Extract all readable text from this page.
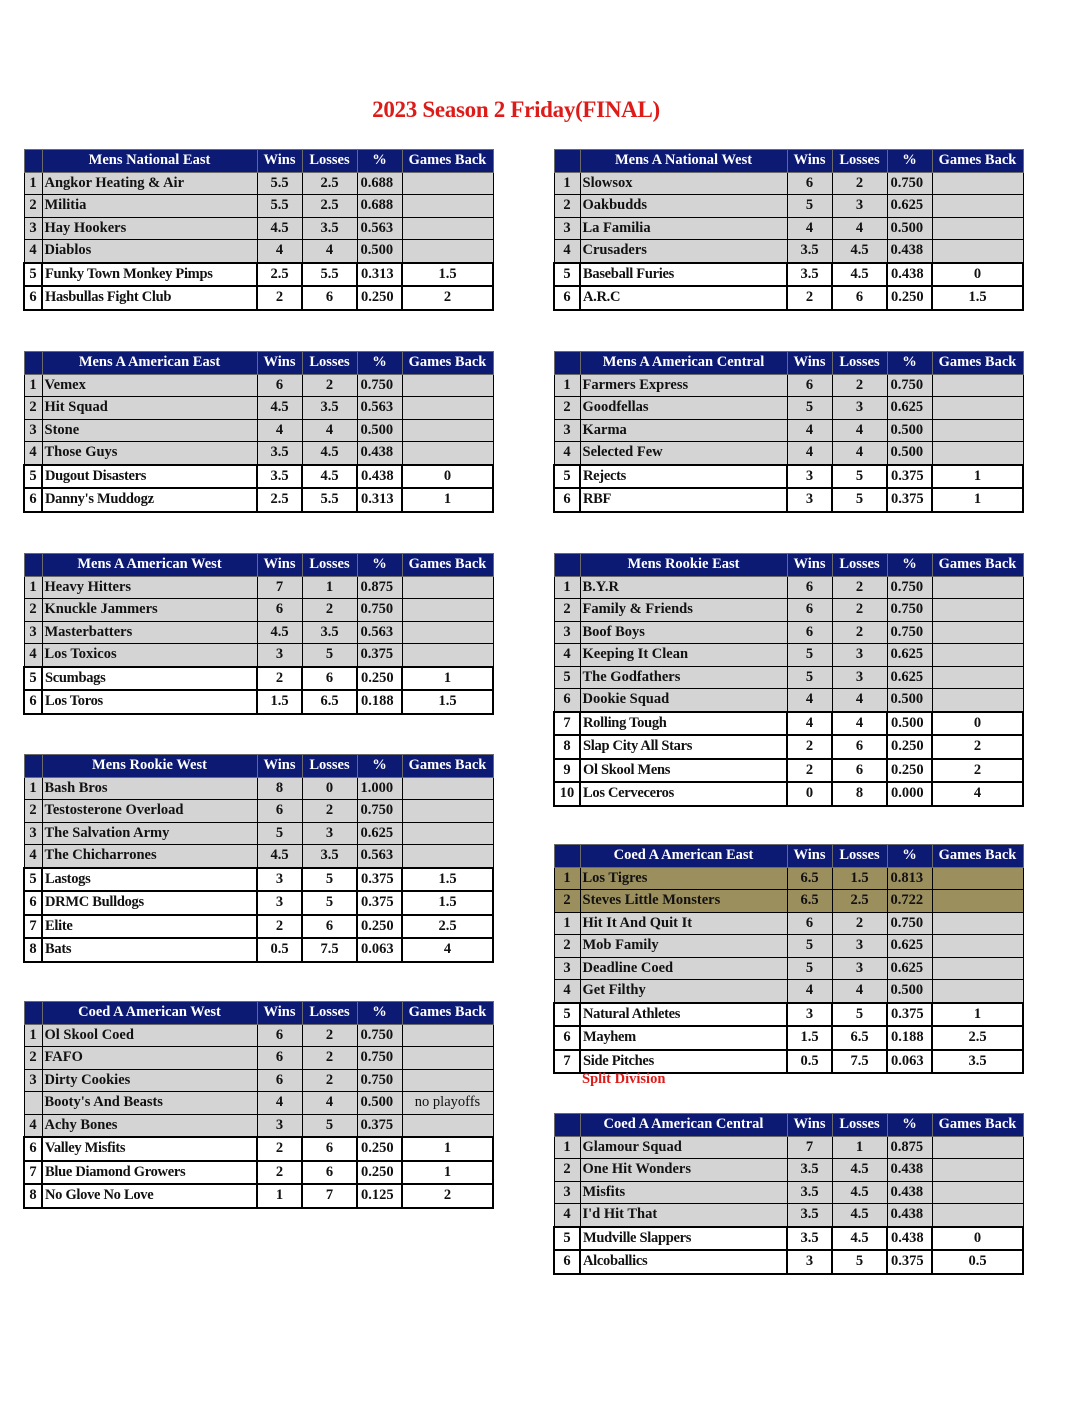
2023 Season 2 Friday(FINAL)
	Mens National East	Wins	Losses	%	Games Back
1	Angkor Heating & Air	5.5	2.5	0.688	
2	Militia	5.5	2.5	0.688	
3	Hay Hookers	4.5	3.5	0.563	
4	Diablos	4	4	0.500	
5	Funky Town Monkey Pimps	2.5	5.5	0.313	1.5
6	Hasbullas Fight Club	2	6	0.250	2
	Mens A National West	Wins	Losses	%	Games Back
1	Slowsox	6	2	0.750	
2	Oakbudds	5	3	0.625	
3	La Familia	4	4	0.500	
4	Crusaders	3.5	4.5	0.438	
5	Baseball Furies	3.5	4.5	0.438	0
6	A.R.C	2	6	0.250	1.5
	Mens A American East	Wins	Losses	%	Games Back
1	Vemex	6	2	0.750	
2	Hit Squad	4.5	3.5	0.563	
3	Stone	4	4	0.500	
4	Those Guys	3.5	4.5	0.438	
5	Dugout Disasters	3.5	4.5	0.438	0
6	Danny's Muddogz	2.5	5.5	0.313	1
	Mens A American Central	Wins	Losses	%	Games Back
1	Farmers Express	6	2	0.750	
2	Goodfellas	5	3	0.625	
3	Karma	4	4	0.500	
4	Selected Few	4	4	0.500	
5	Rejects	3	5	0.375	1
6	RBF	3	5	0.375	1
	Mens A American West	Wins	Losses	%	Games Back
1	Heavy Hitters	7	1	0.875	
2	Knuckle Jammers	6	2	0.750	
3	Masterbatters	4.5	3.5	0.563	
4	Los Toxicos	3	5	0.375	
5	Scumbags	2	6	0.250	1
6	Los Toros	1.5	6.5	0.188	1.5
	Mens Rookie East	Wins	Losses	%	Games Back
1	B.Y.R	6	2	0.750	
2	Family & Friends	6	2	0.750	
3	Boof Boys	6	2	0.750	
4	Keeping It Clean	5	3	0.625	
5	The Godfathers	5	3	0.625	
6	Dookie Squad	4	4	0.500	
7	Rolling Tough	4	4	0.500	0
8	Slap City All Stars	2	6	0.250	2
9	Ol Skool Mens	2	6	0.250	2
10	Los Cerveceros	0	8	0.000	4
	Mens Rookie West	Wins	Losses	%	Games Back
1	Bash Bros	8	0	1.000	
2	Testosterone Overload	6	2	0.750	
3	The Salvation Army	5	3	0.625	
4	The Chicharrones	4.5	3.5	0.563	
5	Lastogs	3	5	0.375	1.5
6	DRMC Bulldogs	3	5	0.375	1.5
7	Elite	2	6	0.250	2.5
8	Bats	0.5	7.5	0.063	4
	Coed A American East	Wins	Losses	%	Games Back
1	Los Tigres	6.5	1.5	0.813	
2	Steves Little Monsters	6.5	2.5	0.722	
1	Hit It And Quit It	6	2	0.750	
2	Mob Family	5	3	0.625	
3	Deadline Coed	5	3	0.625	
4	Get Filthy	4	4	0.500	
5	Natural Athletes	3	5	0.375	1
6	Mayhem	1.5	6.5	0.188	2.5
7	Side Pitches	0.5	7.5	0.063	3.5
	Coed A American West	Wins	Losses	%	Games Back
1	Ol Skool Coed	6	2	0.750	
2	FAFO	6	2	0.750	
3	Dirty Cookies	6	2	0.750	
	Booty's And Beasts	4	4	0.500	no playoffs
4	Achy Bones	3	5	0.375	
6	Valley Misfits	2	6	0.250	1
7	Blue Diamond Growers	2	6	0.250	1
8	No Glove No Love	1	7	0.125	2
	Coed A American Central	Wins	Losses	%	Games Back
1	Glamour Squad	7	1	0.875	
2	One Hit Wonders	3.5	4.5	0.438	
3	Misfits	3.5	4.5	0.438	
4	I'd Hit That	3.5	4.5	0.438	
5	Mudville Slappers	3.5	4.5	0.438	0
6	Alcoballics	3	5	0.375	0.5
Split Division
